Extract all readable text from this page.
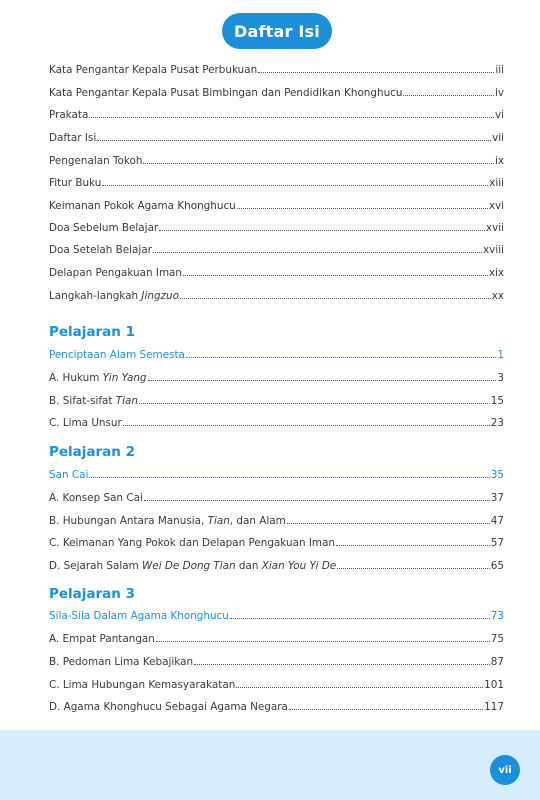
Daftar Isi
Kata Pengantar Kepala Pusat Perbukuan	iii
Kata Pengantar Kepala Pusat Bimbingan dan Pendidikan Khonghucu	iv
Prakata	vi
Daftar Isi	vii
Pengenalan Tokoh	ix
Fitur Buku	xiii
Keimanan Pokok Agama Khonghucu	xvi
Doa Sebelum Belajar	xvii
Doa Setelah Belajar	xviii
Delapan Pengakuan Iman	xix
Langkah-langkah Jingzuo	xx
Pelajaran 1
Penciptaan Alam Semesta	1
A. Hukum Yin Yang	3
B. Sifat-sifat Tian	15
C. Lima Unsur	23
Pelajaran 2
San Cai	35
A. Konsep San Cai	37
B. Hubungan Antara Manusia, Tian, dan Alam	47
C. Keimanan Yang Pokok dan Delapan Pengakuan Iman	57
D. Sejarah Salam Wei De Dong Tian dan Xian You Yi De	65
Pelajaran 3
Sila-Sila Dalam Agama Khonghucu	73
A. Empat Pantangan	75
B. Pedoman Lima Kebajikan	87
C. Lima Hubungan Kemasyarakatan	101
D. Agama Khonghucu Sebagai Agama Negara	117
vii
